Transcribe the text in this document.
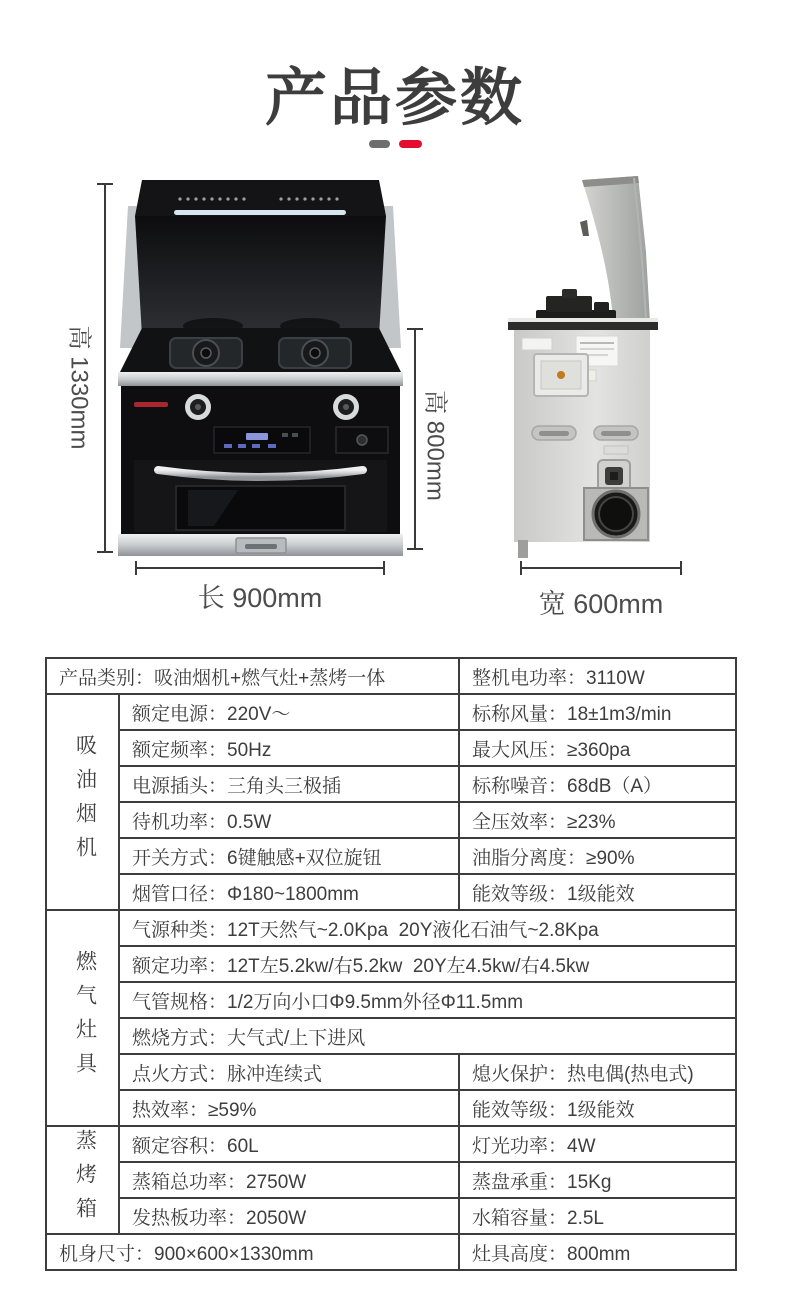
产品参数
高 1330mm	高 800mm
长 900mm	宽 600mm
产品类别：吸油烟机+燃气灶+蒸烤一体		整机电功率：3110W

吸油烟机	额定电源：220V～	标称风量：18±1m3/min
	额定频率：50Hz	最大风压：≥360pa
	电源插头：三角头三极插	标称噪音：68dB（A）
	待机功率：0.5W	全压效率：≥23%
	开关方式：6键触感+双位旋钮	油脂分离度：≥90%
	烟管口径：Φ180~1800mm	能效等级：1级能效

燃气灶具	气源种类：12T天然气~2.0Kpa  20Y液化石油气~2.8Kpa	
	额定功率：12T左5.2kw/右5.2kw  20Y左4.5kw/右4.5kw	
	气管规格：1/2万向小口Φ9.5mm外径Φ11.5mm	
	燃烧方式：大气式/上下进风	
	点火方式：脉冲连续式	熄火保护：热电偶(热电式)
	热效率：≥59%	能效等级：1级能效

蒸烤箱	额定容积：60L	灯光功率：4W
	蒸箱总功率：2750W	蒸盘承重：15Kg
	发热板功率：2050W	水箱容量：2.5L
机身尺寸：900×600×1330mm		灶具高度：800mm
